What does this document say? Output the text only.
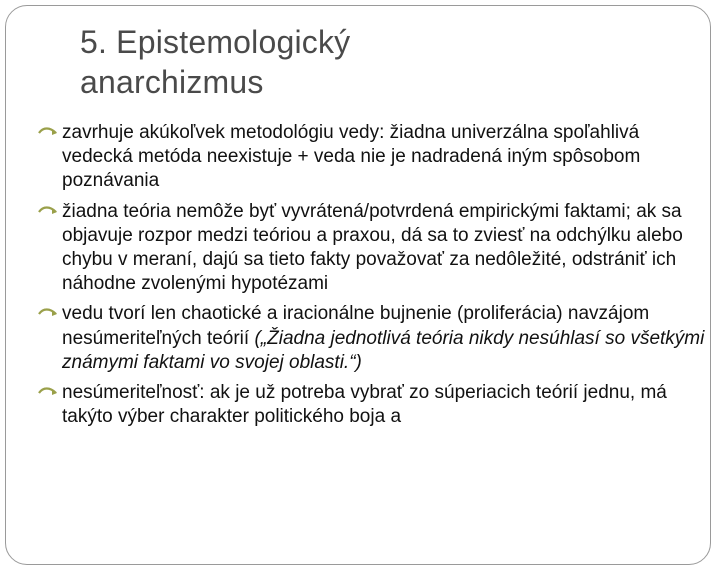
5. Epistemologický
anarchizmus
zavrhuje akúkoľvek metodológiu vedy: žiadna univerzálna spoľahlivá vedecká metóda neexistuje + veda nie je nadradená iným spôsobom poznávania
žiadna teória nemôže byť vyvrátená/potvrdená empirickými faktami; ak sa objavuje rozpor medzi teóriou a praxou, dá sa to zviesť na odchýlku alebo chybu v meraní, dajú sa tieto fakty považovať za nedôležité, odstrániť ich náhodne zvolenými hypotézami
vedu tvorí len chaotické a iracionálne bujnenie (proliferácia) navzájom nesúmeriteľných teórií („Žiadna jednotlivá teória nikdy nesúhlasí so všetkými známymi faktami vo svojej oblasti.“)
nesúmeriteľnosť: ak je už potreba vybrať zo súperiacich teórií jednu, má takýto výber charakter politického boja a
